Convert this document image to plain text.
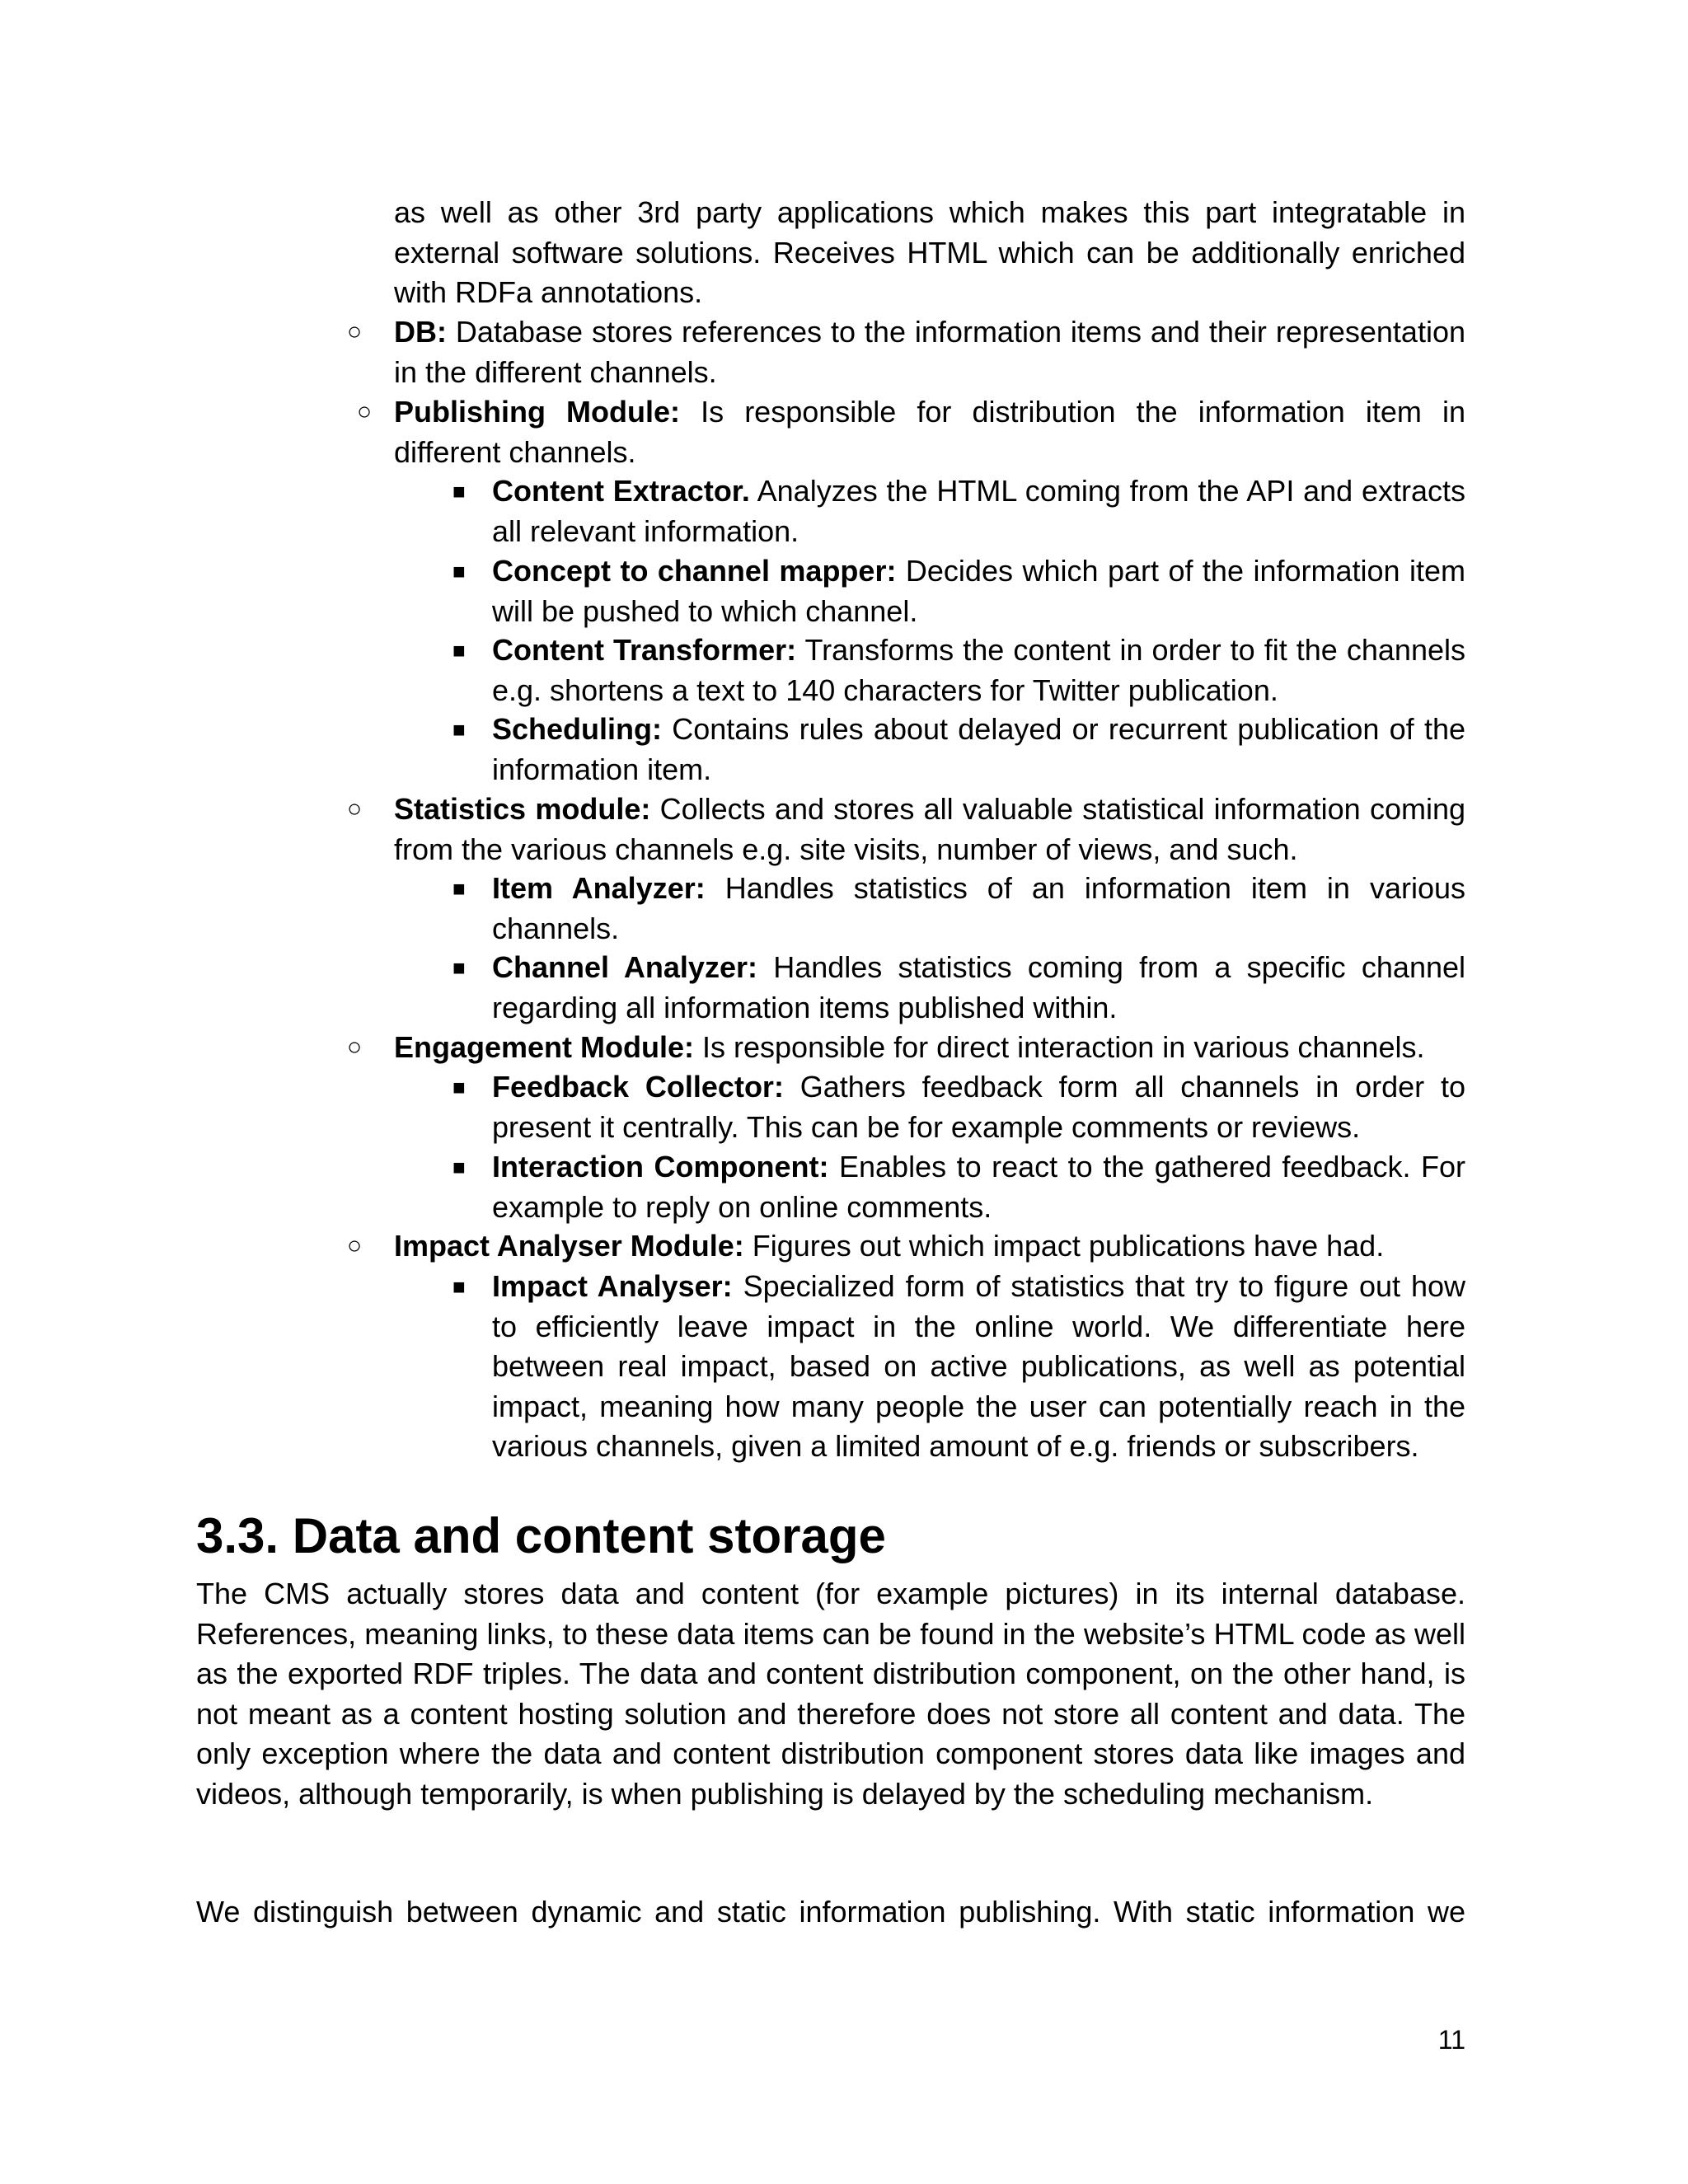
as well as other 3rd party applications which makes this part integratable in external software solutions. Receives HTML which can be additionally enriched with RDFa annotations.
○ DB: Database stores references to the information items and their representation in the different channels.
○ Publishing Module: Is responsible for distribution the information item in different channels.
■ Content Extractor. Analyzes the HTML coming from the API and extracts all relevant information.
■ Concept to channel mapper: Decides which part of the information item will be pushed to which channel.
■ Content Transformer: Transforms the content in order to fit the channels e.g. shortens a text to 140 characters for Twitter publication.
■ Scheduling: Contains rules about delayed or recurrent publication of the information item.
○ Statistics module: Collects and stores all valuable statistical information coming from the various channels e.g. site visits, number of views, and such.
■ Item Analyzer: Handles statistics of an information item in various channels.
■ Channel Analyzer: Handles statistics coming from a specific channel regarding all information items published within.
○ Engagement Module: Is responsible for direct interaction in various channels.
■ Feedback Collector: Gathers feedback form all channels in order to present it centrally. This can be for example comments or reviews.
■ Interaction Component: Enables to react to the gathered feedback. For example to reply on online comments.
○ Impact Analyser Module: Figures out which impact publications have had.
■ Impact Analyser: Specialized form of statistics that try to figure out how to efficiently leave impact in the online world. We differentiate here between real impact, based on active publications, as well as potential impact, meaning how many people the user can potentially reach in the various channels, given a limited amount of e.g. friends or subscribers.
3.3. Data and content storage
The CMS actually stores data and content (for example pictures) in its internal database. References, meaning links, to these data items can be found in the website’s HTML code as well as the exported RDF triples. The data and content distribution component, on the other hand, is not meant as a content hosting solution and therefore does not store all content and data. The only exception where the data and content distribution component stores data like images and videos, although temporarily, is when publishing is delayed by the scheduling mechanism.
We distinguish between dynamic and static information publishing. With static information we
11
